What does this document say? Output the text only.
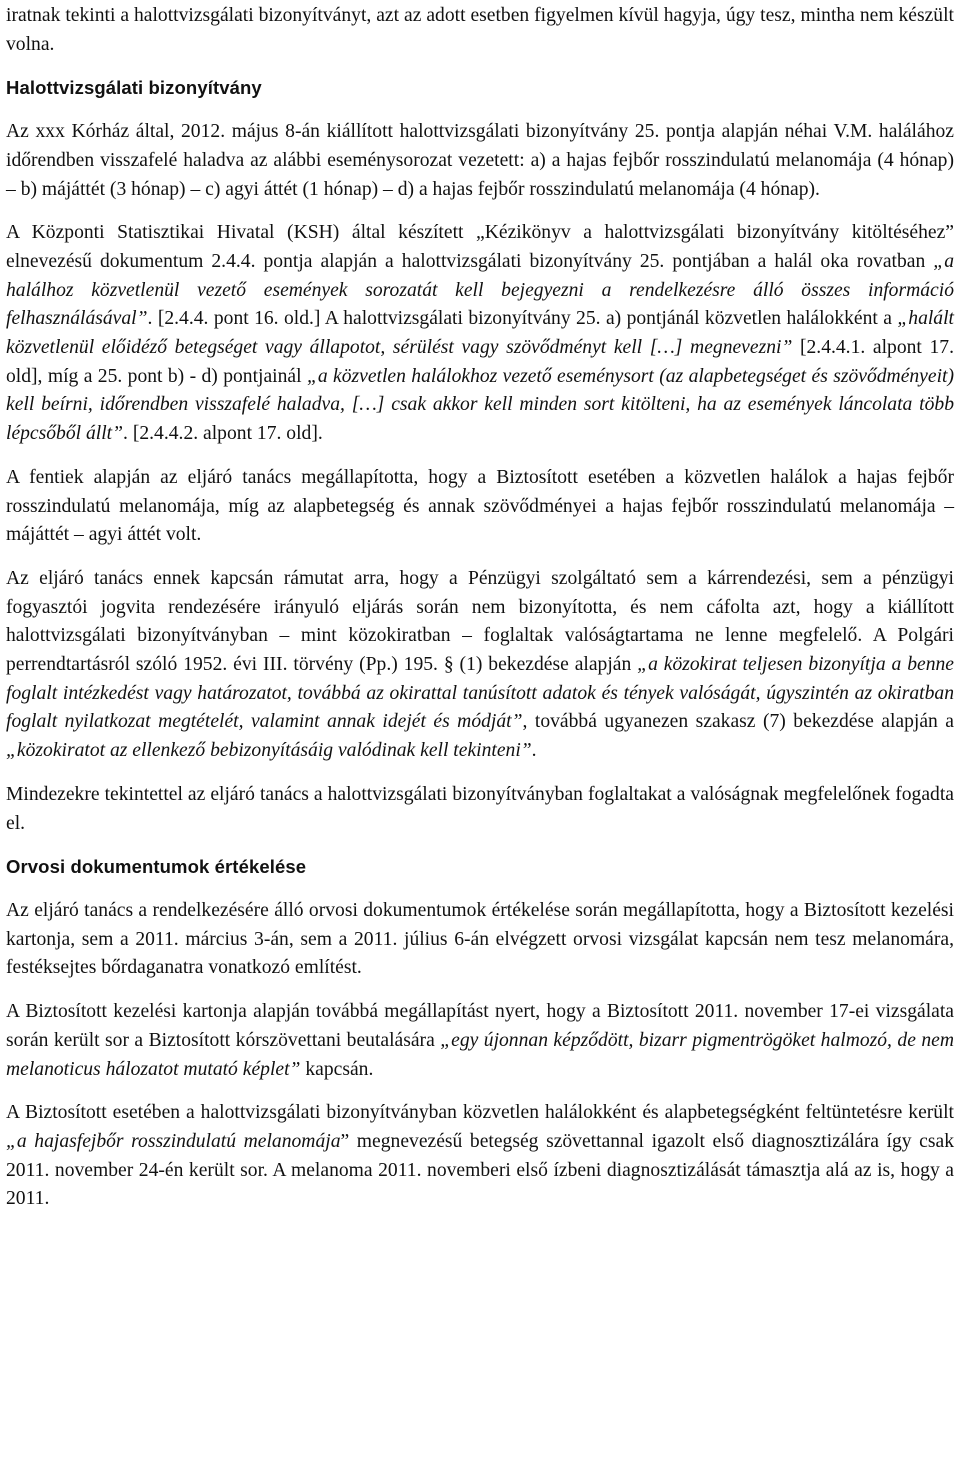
iratnak tekinti a halottvizsgálati bizonyítványt, azt az adott esetben figyelmen kívül hagyja, úgy tesz, mintha nem készült volna.

Halottvizsgálati bizonyítvány

Az xxx Kórház által, 2012. május 8-án kiállított halottvizsgálati bizonyítvány 25. pontja alapján néhai V.M. halálához időrendben visszafelé haladva az alábbi eseménysorozat vezetett: a) a hajas fejbőr rosszindulatú melanomája (4 hónap) – b) májáttét (3 hónap) – c) agyi áttét (1 hónap) – d) a hajas fejbőr rosszindulatú melanomája (4 hónap).

A Központi Statisztikai Hivatal (KSH) által készített „Kézikönyv a halottvizsgálati bizonyítvány kitöltéséhez” elnevezésű dokumentum 2.4.4. pontja alapján a halottvizsgálati bizonyítvány 25. pontjában a halál oka rovatban „a halálhoz közvetlenül vezető események sorozatát kell bejegyezni a rendelkezésre álló összes információ felhasználásával”. [2.4.4. pont 16. old.] A halottvizsgálati bizonyítvány 25. a) pontjánál közvetlen halálokként a „halált közvetlenül előidéző betegséget vagy állapotot, sérülést vagy szövődményt kell […] megnevezni” [2.4.4.1. alpont 17. old], míg a 25. pont b) - d) pontjainál „a közvetlen halálokhoz vezető eseménysort (az alapbetegséget és szövődményeit) kell beírni, időrendben visszafelé haladva, […] csak akkor kell minden sort kitölteni, ha az események láncolata több lépcsőből állt”. [2.4.4.2. alpont 17. old].

A fentiek alapján az eljáró tanács megállapította, hogy a Biztosított esetében a közvetlen halálok a hajas fejbőr rosszindulatú melanomája, míg az alapbetegség és annak szövődményei a hajas fejbőr rosszindulatú melanomája – májáttét – agyi áttét volt.

Az eljáró tanács ennek kapcsán rámutat arra, hogy a Pénzügyi szolgáltató sem a kárrendezési, sem a pénzügyi fogyasztói jogvita rendezésére irányuló eljárás során nem bizonyította, és nem cáfolta azt, hogy a kiállított halottvizsgálati bizonyítványban – mint közokiratban – foglaltak valóságtartama ne lenne megfelelő. A Polgári perrendtartásról szóló 1952. évi III. törvény (Pp.) 195. § (1) bekezdése alapján „a közokirat teljesen bizonyítja a benne foglalt intézkedést vagy határozatot, továbbá az okirattal tanúsított adatok és tények valóságát, úgyszintén az okiratban foglalt nyilatkozat megtételét, valamint annak idejét és módját”, továbbá ugyanezen szakasz (7) bekezdése alapján a „közokiratot az ellenkező bebizonyításáig valódinak kell tekinteni”.

Mindezekre tekintettel az eljáró tanács a halottvizsgálati bizonyítványban foglaltakat a valóságnak megfelelőnek fogadta el.

Orvosi dokumentumok értékelése

Az eljáró tanács a rendelkezésére álló orvosi dokumentumok értékelése során megállapította, hogy a Biztosított kezelési kartonja, sem a 2011. március 3-án, sem a 2011. július 6-án elvégzett orvosi vizsgálat kapcsán nem tesz melanomára, festéksejtes bőrdaganatra vonatkozó említést.

A Biztosított kezelési kartonja alapján továbbá megállapítást nyert, hogy a Biztosított 2011. november 17-ei vizsgálata során került sor a Biztosított kórszövettani beutalására „egy újonnan képződött, bizarr pigmentrögöket halmozó, de nem melanoticus hálozatot mutató képlet” kapcsán.

A Biztosított esetében a halottvizsgálati bizonyítványban közvetlen halálokként és alapbetegségként feltüntetésre került „a hajasfejbőr rosszindulatú melanomája” megnevezésű betegség szövettannal igazolt első diagnosztizálára így csak 2011. november 24-én került sor. A melanoma 2011. novemberi első ízbeni diagnosztizálását támasztja alá az is, hogy a 2011.
